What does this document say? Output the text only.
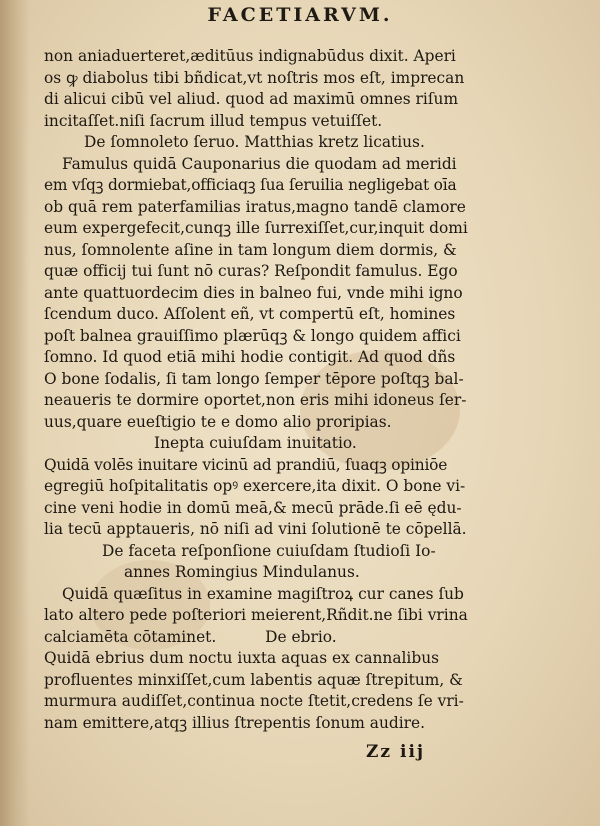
FACETIARVM.
non aniaduerteret,æditūus indignabūdus dixit. Aperi
os ꝙ diabolus tibi bñdicat,vt noſtris mos eſt, imprecan
di alicui cibū vel aliud. quod ad maximū omnes riſum
incitaſſet.niſi ſacrum illud tempus vetuiſſet.
De ſomnoleto ſeruo. Matthias kretz licatius.
Famulus quidā Cauponarius die quodam ad meridi
em vſqꝫ dormiebat,officiaqꝫ ſua ſeruilia negligebat oīa
ob quā rem paterfamilias iratus,magno tandē clamore
eum expergefecit,cunqꝫ ille ſurrexiſſet,cur,inquit domi
nus, ſomnolente aſine in tam longum diem dormis, &
quæ officij tui ſunt nō curas? Reſpondit famulus. Ego
ante quattuordecim dies in balneo fui, vnde mihi igno
ſcendum duco. Aſſolent eñ, vt compertū eſt, homines
poſt balnea grauiſſimo plærūqꝫ & longo quidem affici
ſomno. Id quod etiā mihi hodie contigit. Ad quod dñs
O bone ſodalis, ſi tam longo ſemper tēpore poſtqꝫ bal-
neaueris te dormire oportet,non eris mihi idoneus ſer-
uus,quare eueſtigio te e domo alio proripias.
Inepta cuiuſdam inuitatio.
Quidā volēs inuitare vicinū ad prandiū, ſuaqꝫ opiniōe
egregiū hoſpitalitatis opꝰ exercere,ita dixit. O bone vi-
cine veni hodie in domū meā,& mecū prāde.ſi eē ędu-
lia tecū apptaueris, nō niſi ad vini ſolutionē te cōpellā.
De faceta reſponſione cuiuſdam ſtudioſi Io-
annes Romingius Mindulanus.
Quidā quæſitus in examine magiſtroꝝ cur canes ſub
lato altero pede poſteriori meierent,Rñdit.ne ſibi vrina
calciamēta cōtaminet.          De ebrio.
Quidā ebrius dum noctu iuxta aquas ex cannalibus
profluentes minxiſſet,cum labentis aquæ ſtrepitum, &
murmura audiſſet,continua nocte ſtetit,credens ſe vri-
nam emittere,atqꝫ illius ſtrepentis ſonum audire.
Zz iij
